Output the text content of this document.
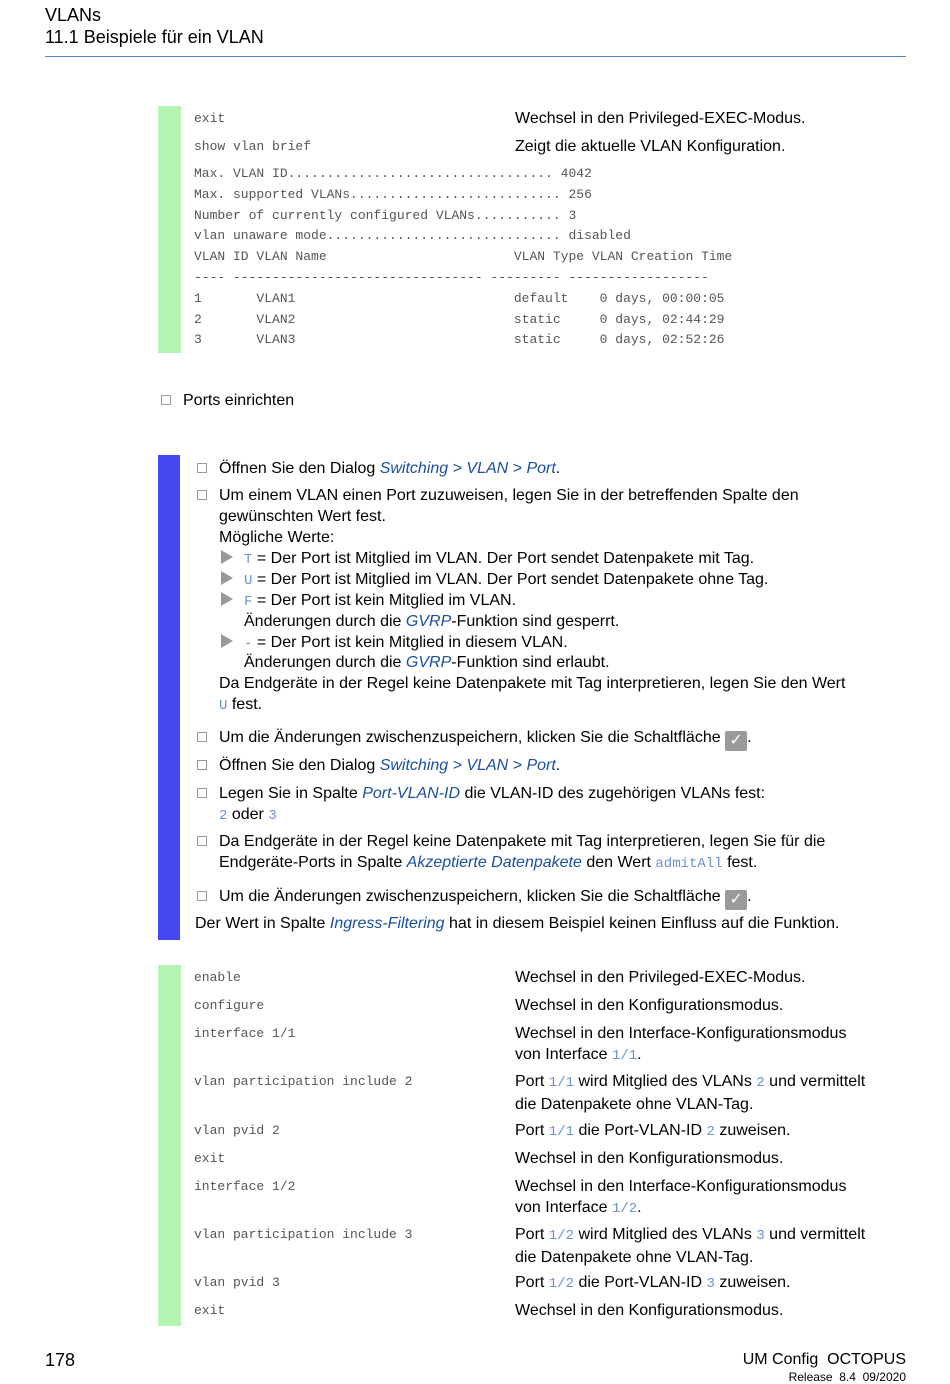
VLANs
11.1 Beispiele für ein VLAN
exit	Wechsel in den Privileged-EXEC-Modus.
show vlan brief	Zeigt die aktuelle VLAN Konfiguration.
Max. VLAN ID.................................. 4042
Max. supported VLANs........................... 256
Number of currently configured VLANs........... 3
vlan unaware mode.............................. disabled
VLAN ID VLAN Name                        VLAN Type VLAN Creation Time
---- -------------------------------- --------- ------------------
1       VLAN1                            default    0 days, 00:00:05
2       VLAN2                            static     0 days, 02:44:29
3       VLAN3                            static     0 days, 02:52:26
Ports einrichten
Öffnen Sie den Dialog Switching > VLAN > Port.
Um einem VLAN einen Port zuzuweisen, legen Sie in der betreffenden Spalte den
gewünschten Wert fest.
Mögliche Werte:
T = Der Port ist Mitglied im VLAN. Der Port sendet Datenpakete mit Tag.
U = Der Port ist Mitglied im VLAN. Der Port sendet Datenpakete ohne Tag.
F = Der Port ist kein Mitglied im VLAN.
Änderungen durch die GVRP-Funktion sind gesperrt.
- = Der Port ist kein Mitglied in diesem VLAN.
Änderungen durch die GVRP-Funktion sind erlaubt.
Da Endgeräte in der Regel keine Datenpakete mit Tag interpretieren, legen Sie den Wert
U fest.
Um die Änderungen zwischenzuspeichern, klicken Sie die Schaltfläche ✓ .
Öffnen Sie den Dialog Switching > VLAN > Port.
Legen Sie in Spalte Port-VLAN-ID die VLAN-ID des zugehörigen VLANs fest:
2 oder 3
Da Endgeräte in der Regel keine Datenpakete mit Tag interpretieren, legen Sie für die
Endgeräte-Ports in Spalte Akzeptierte Datenpakete den Wert admitAll fest.
Um die Änderungen zwischenzuspeichern, klicken Sie die Schaltfläche ✓ .
Der Wert in Spalte Ingress-Filtering hat in diesem Beispiel keinen Einfluss auf die Funktion.
enable	Wechsel in den Privileged-EXEC-Modus.
configure	Wechsel in den Konfigurationsmodus.
interface 1/1	Wechsel in den Interface-Konfigurationsmodus
von Interface 1/1.
vlan participation include 2	Port 1/1 wird Mitglied des VLANs 2 und vermittelt
die Datenpakete ohne VLAN-Tag.
vlan pvid 2	Port 1/1 die Port-VLAN-ID 2 zuweisen.
exit	Wechsel in den Konfigurationsmodus.
interface 1/2	Wechsel in den Interface-Konfigurationsmodus
von Interface 1/2.
vlan participation include 3	Port 1/2 wird Mitglied des VLANs 3 und vermittelt
die Datenpakete ohne VLAN-Tag.
vlan pvid 3	Port 1/2 die Port-VLAN-ID 3 zuweisen.
exit	Wechsel in den Konfigurationsmodus.
178	UM Config  OCTOPUS
Release  8.4  09/2020
